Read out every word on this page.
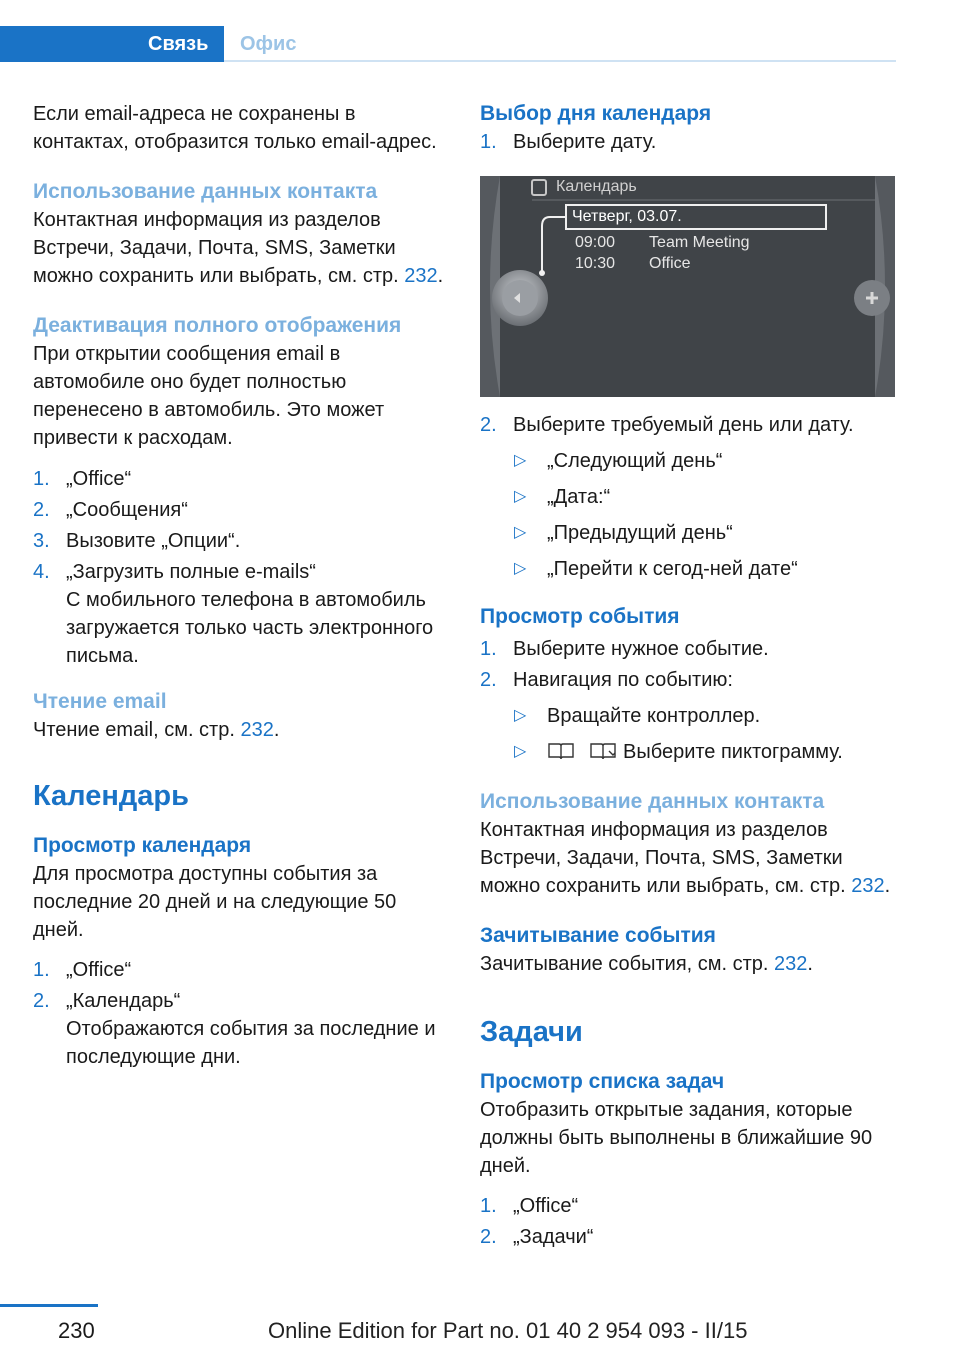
Связь	Офис

Если email-адреса не сохранены в контактах, отобразится только email-адрес.

Использование данных контакта

Контактная информация из разделов Встречи, Задачи, Почта, SMS, Заметки можно сохранить или выбрать, см. стр. 232.

Деактивация полного отображения

При открытии сообщения email в автомобиле оно будет полностью перенесено в автомобиль. Это может привести к расходам.

1. „Office“
2. „Сообщения“
3. Вызовите „Опции“.
4. „Загрузить полные e-mails“

С мобильного телефона в автомобиль загружается только часть электронного письма.

Чтение email

Чтение email, см. стр. 232.

Календарь
Просмотр календаря

Для просмотра доступны события за последние 20 дней и на следующие 50 дней.

1. „Office“
2. „Календарь“

Отображаются события за последние и последующие дни.

Выбор дня календаря
1. Выберите дату.
Календарь
Четверг, 03.07.
09:00 Team Meeting
10:30 Office
2. Выберите требуемый день или дату.
▷ „Следующий день“
▷ „Дата:“
▷ „Предыдущий день“
▷ „Перейти к сегод-ней дате“
Просмотр события
1. Выберите нужное событие.
2. Навигация по событию:
▷ Вращайте контроллер.
▷	Выберите пиктограмму.
Использование данных контакта

Контактная информация из разделов Встречи, Задачи, Почта, SMS, Заметки можно сохранить или выбрать, см. стр. 232.

Зачитывание события

Зачитывание события, см. стр. 232.

Задачи
Просмотр списка задач

Отобразить открытые задания, которые должны быть выполнены в ближайшие 90 дней.

1. „Office“
2. „Задачи“
230	Online Edition for Part no. 01 40 2 954 093 - II/15
